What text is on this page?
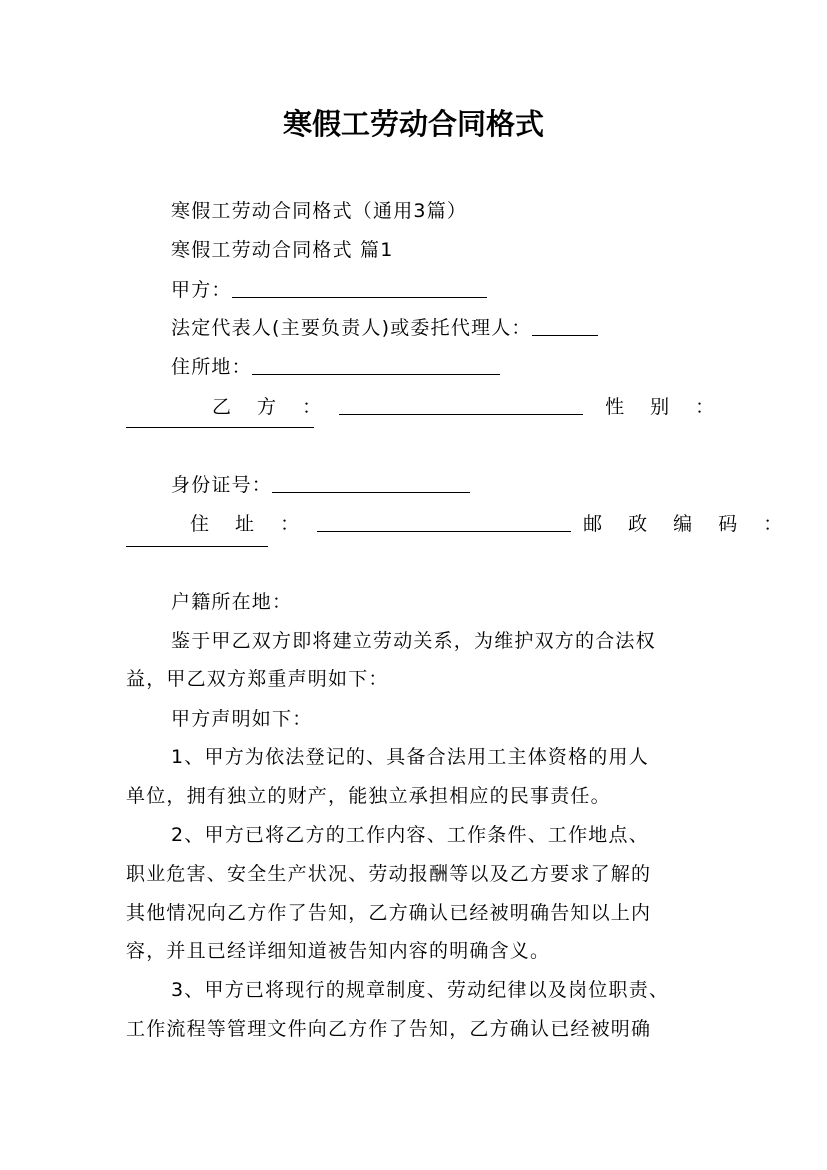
寒假工劳动合同格式
寒假工劳动合同格式（通用3篇）
寒假工劳动合同格式 篇1
甲方：
法定代表人(主要负责人)或委托代理人：
住所地：
乙 方 ：	性 别 ：
身份证号：
住 址 ：	邮 政 编 码 ：
户籍所在地：
鉴于甲乙双方即将建立劳动关系，为维护双方的合法权
益，甲乙双方郑重声明如下：
甲方声明如下：
1、甲方为依法登记的、具备合法用工主体资格的用人
单位，拥有独立的财产，能独立承担相应的民事责任。
2、甲方已将乙方的工作内容、工作条件、工作地点、
职业危害、安全生产状况、劳动报酬等以及乙方要求了解的
其他情况向乙方作了告知，乙方确认已经被明确告知以上内
容，并且已经详细知道被告知内容的明确含义。
3、甲方已将现行的规章制度、劳动纪律以及岗位职责、
工作流程等管理文件向乙方作了告知，乙方确认已经被明确
